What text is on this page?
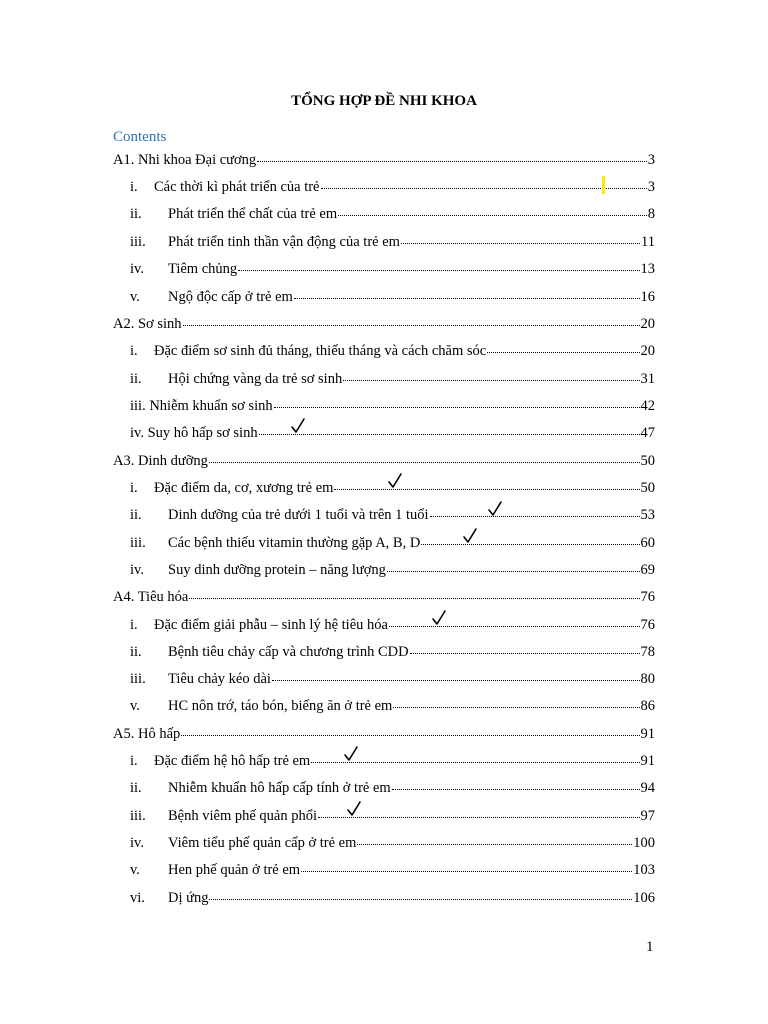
TỔNG HỢP ĐỀ NHI KHOA
Contents
A1. Nhi khoa Đại cương	3
i.	Các thời kì phát triển của trẻ	3
ii.	Phát triển thể chất của trẻ em	8
iii.	Phát triển tinh thần vận động của trẻ em	11
iv.	Tiêm chủng	13
v.	Ngộ độc cấp ở trẻ em	16
A2. Sơ sinh	20
i.	Đặc điểm sơ sinh đủ tháng, thiếu tháng và cách chăm sóc	20
ii.	Hội chứng vàng da trẻ sơ sinh	31
iii. Nhiễm khuẩn sơ sinh	42
iv. Suy hô hấp sơ sinh	47
A3. Dinh dưỡng	50
i.	Đặc điểm da, cơ, xương trẻ em	50
ii.	Dinh dưỡng của trẻ dưới 1 tuổi và trên 1 tuổi	53
iii.	Các bệnh thiếu vitamin thường gặp A, B, D	60
iv.	Suy dinh dưỡng protein – năng lượng	69
A4. Tiêu hóa	76
i.	Đặc điểm giải phẫu – sinh lý hệ tiêu hóa	76
ii.	Bệnh tiêu chảy cấp và chương trình CDD	78
iii.	Tiêu chảy kéo dài	80
v.	HC nôn trớ, táo bón, biếng ăn ở trẻ em	86
A5. Hô hấp	91
i.	Đặc điểm hệ hô hấp trẻ em	91
ii.	Nhiễm khuẩn hô hấp cấp tính ở trẻ em	94
iii.	Bệnh viêm phế quản phổi	97
iv.	Viêm tiểu phế quản cấp ở trẻ em	100
v.	Hen phế quản ở trẻ em	103
vi.	Dị ứng	106
1
